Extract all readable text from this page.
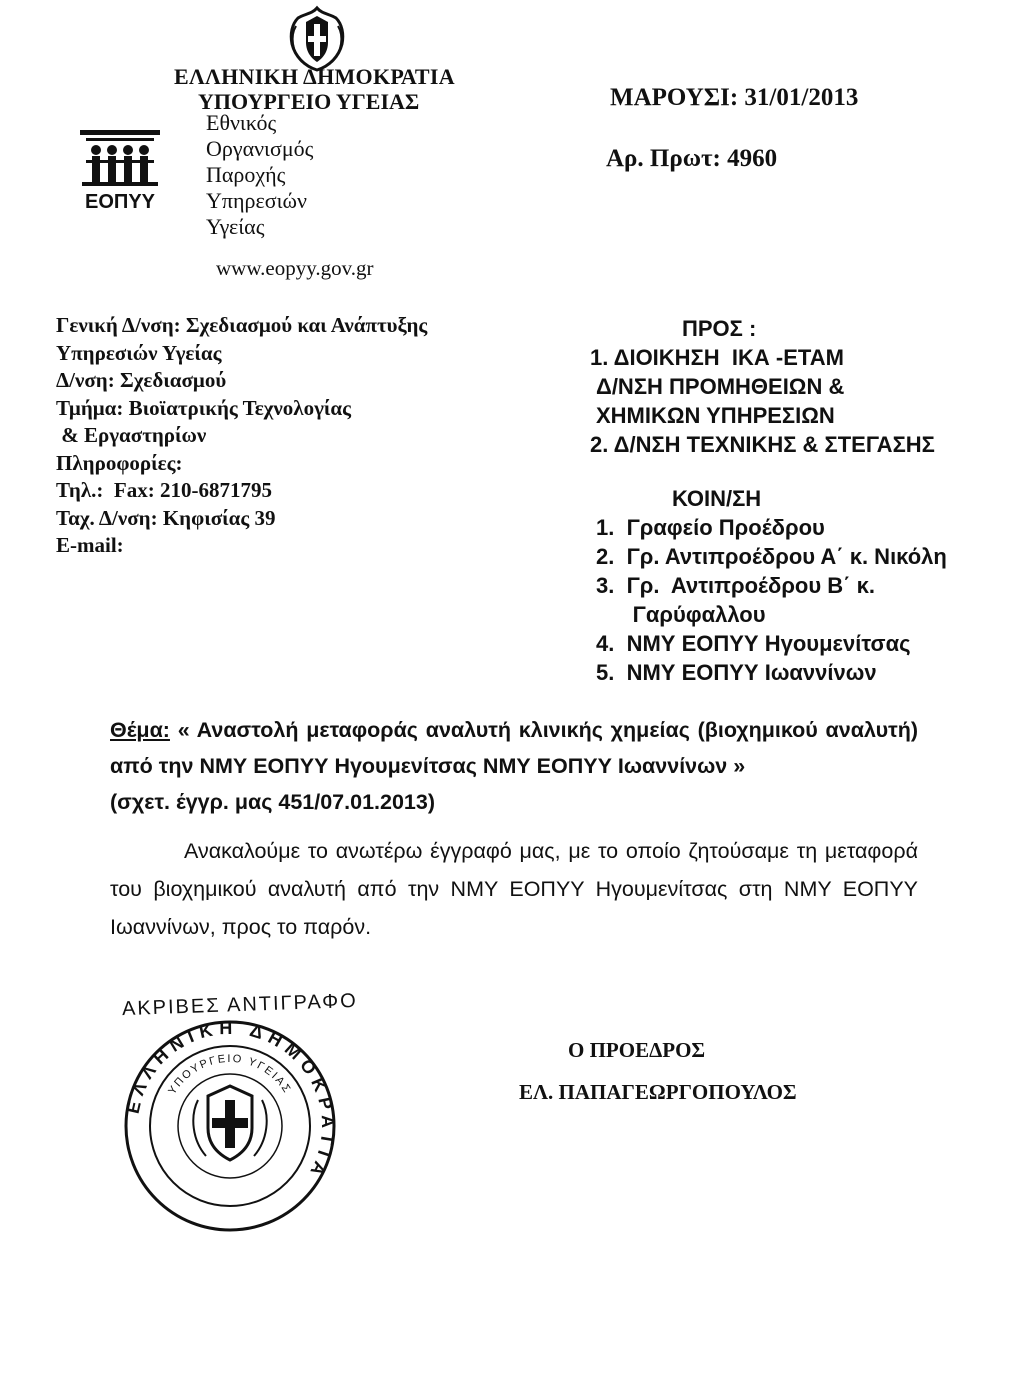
ΕΛΛΗΝΙΚΗ ΔΗΜΟΚΡΑΤΙΑ
ΥΠΟΥΡΓΕΙΟ ΥΓΕΙΑΣ
Εθνικός
Οργανισμός
Παροχής
Υπηρεσιών
Υγείας
ΕΟΠΥΥ
www.eopyy.gov.gr
ΜΑΡΟΥΣΙ: 31/01/2013
Αρ. Πρωτ: 4960
Γενική Δ/νση: Σχεδιασμού και Ανάπτυξης
Υπηρεσιών Υγείας
Δ/νση: Σχεδιασμού
Τμήμα: Βιοϊατρικής Τεχνολογίας
& Εργαστηρίων
Πληροφορίες:
Τηλ.:  Fax: 210-6871795
Ταχ. Δ/νση: Κηφισίας 39
E-mail:
ΠΡΟΣ :
1. ΔΙΟΙΚΗΣΗ  ΙΚΑ -ΕΤΑΜ
Δ/ΝΣΗ ΠΡΟΜΗΘΕΙΩΝ &
ΧΗΜΙΚΩΝ ΥΠΗΡΕΣΙΩΝ
2. Δ/ΝΣΗ ΤΕΧΝΙΚΗΣ & ΣΤΕΓΑΣΗΣ
ΚΟΙΝ/ΣΗ
1.  Γραφείο Προέδρου
2.  Γρ. Αντιπροέδρου Α΄ κ. Νικόλη
3.  Γρ.  Αντιπροέδρου Β΄ κ.
Γαρύφαλλου
4.  ΝΜΥ ΕΟΠΥΥ Ηγουμενίτσας
5.  ΝΜΥ ΕΟΠΥΥ Ιωαννίνων
Θέμα: « Αναστολή μεταφοράς αναλυτή κλινικής χημείας (βιοχημικού αναλυτή) από την ΝΜΥ ΕΟΠΥΥ Ηγουμενίτσας ΝΜΥ ΕΟΠΥΥ Ιωαννίνων »
(σχετ. έγγρ. μας 451/07.01.2013)

Ανακαλούμε το ανωτέρω έγγραφό μας, με το οποίο ζητούσαμε τη μεταφορά του βιοχημικού αναλυτή από την ΝΜΥ ΕΟΠΥΥ Ηγουμενίτσας στη ΝΜΥ ΕΟΠΥΥ Ιωαννίνων, προς το παρόν.

ΑΚΡΙΒΕΣ ΑΝΤΙΓΡΑΦΟ
ΕΛΛΗΝΙΚΗ ΔΗΜΟΚΡΑΤΙΑ
ΥΠΟΥΡΓΕΙΟ ΥΓΕΙΑΣ
Ο ΠΡΟΕΔΡΟΣ
ΕΛ. ΠΑΠΑΓΕΩΡΓΟΠΟΥΛΟΣ
